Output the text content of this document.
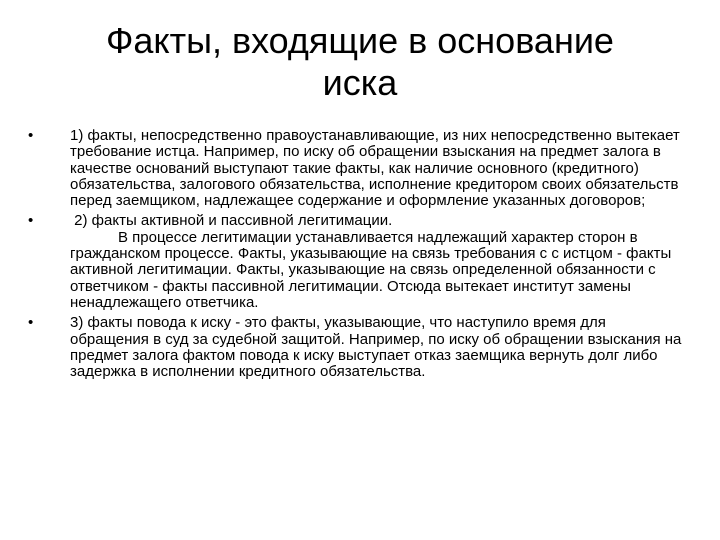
Факты, входящие в основание
иска
•	1) факты, непосредственно правоустанавливающие, из них непосредственно вытекает требование истца. Например, по иску об обращении взыскания на предмет залога в качестве оснований выступают такие факты, как наличие основного (кредитного) обязательства, залогового обязательства, исполнение кредитором своих обязательств перед заемщиком, надлежащее содержание и оформление указанных договоров;
•	2) факты активной и пассивной легитимации.
В процессе легитимации устанавливается надлежащий характер сторон в гражданском процессе. Факты, указывающие на связь требования с с истцом - факты активной легитимации. Факты, указывающие на связь определенной обязанности с ответчиком - факты пассивной легитимации. Отсюда вытекает институт замены ненадлежащего ответчика.
•	3) факты повода к иску - это факты, указывающие, что наступило время для обращения в суд за судебной защитой. Например, по иску об обращении взыскания на предмет залога фактом повода к иску выступает отказ заемщика вернуть долг либо задержка в исполнении кредитного обязательства.
